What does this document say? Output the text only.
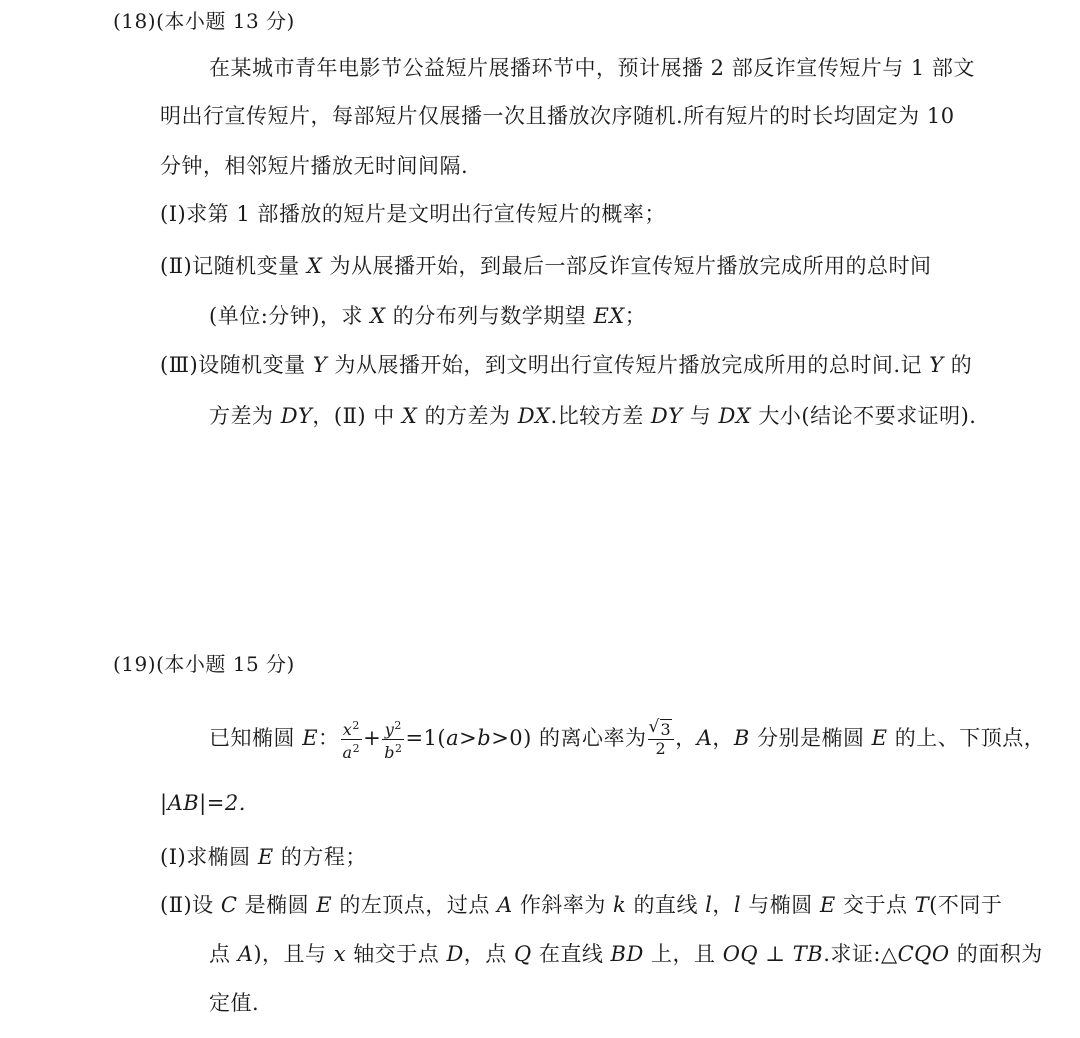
(18)(本小题 13 分)
在某城市青年电影节公益短片展播环节中，预计展播 2 部反诈宣传短片与 1 部文
明出行宣传短片，每部短片仅展播一次且播放次序随机.所有短片的时长均固定为 10
分钟，相邻短片播放无时间间隔.
(Ⅰ)求第 1 部播放的短片是文明出行宣传短片的概率；
(Ⅱ)记随机变量 X 为从展播开始，到最后一部反诈宣传短片播放完成所用的总时间
(单位:分钟)，求 X 的分布列与数学期望 EX；
(Ⅲ)设随机变量 Y 为从展播开始，到文明出行宣传短片播放完成所用的总时间.记 Y 的
方差为 DY，(Ⅱ) 中 X 的方差为 DX.比较方差 DY 与 DX 大小(结论不要求证明).
(19)(本小题 15 分)
已知椭圆 E： $\frac{x^2}{a^2} + \frac{y^2}{b^2} =1(a>b>0)$ 的离心率为 $\frac{√ 3}{2}$ ，A，B 分别是椭圆 E 的上、下顶点，
|AB|=2.
(Ⅰ)求椭圆 E 的方程；
(Ⅱ)设 C 是椭圆 E 的左顶点，过点 A 作斜率为 k 的直线 l，l 与椭圆 E 交于点 T(不同于
点 A)，且与 x 轴交于点 D，点 Q 在直线 BD 上，且 OQ ⊥ TB.求证:△CQO 的面积为
定值.
